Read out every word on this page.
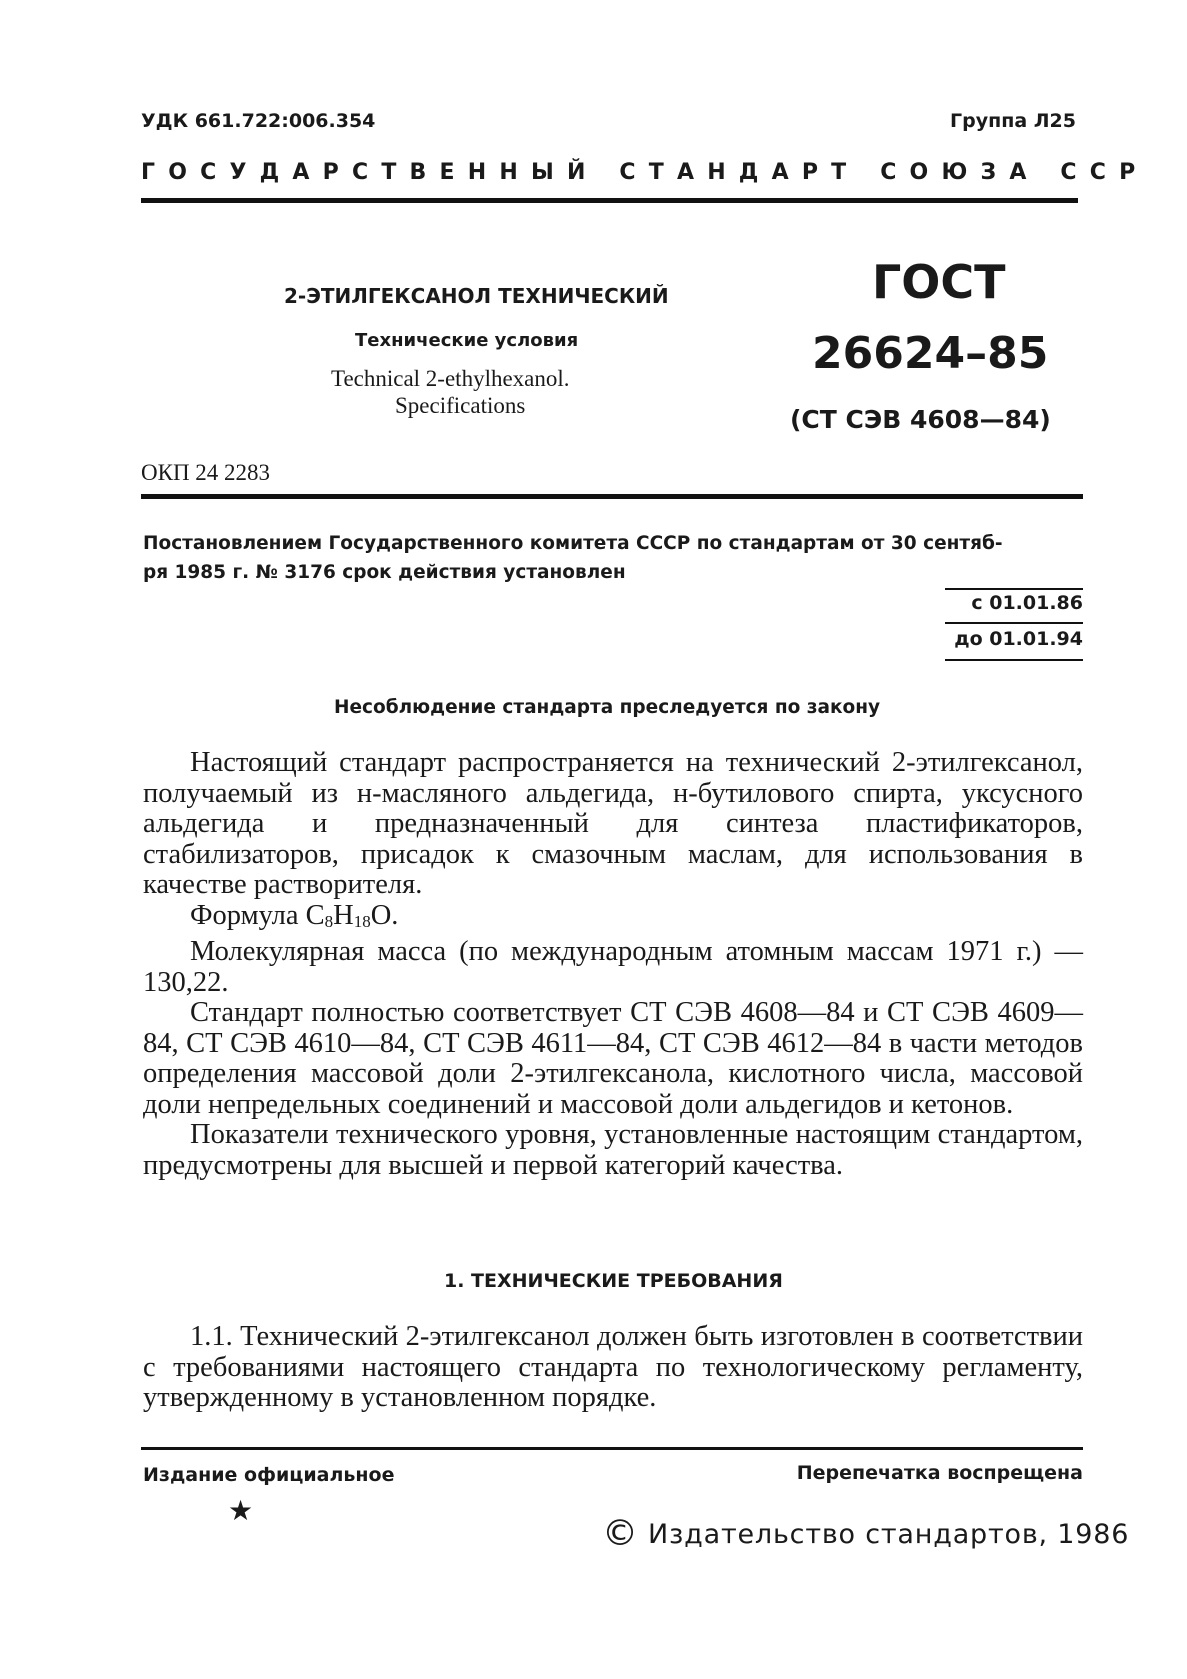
УДК 661.722:006.354	Группа Л25
ГОСУДАРСТВЕННЫЙ СТАНДАРТ СОЮЗА ССР
2-ЭТИЛГЕКСАНОЛ ТЕХНИЧЕСКИЙ
Технические условия
Technical 2-ethylhexanol.
Specifications
ГОСТ
26624–85
(СТ СЭВ 4608—84)
ОКП 24 2283
Постановлением Государственного комитета СССР по стандартам от 30 сентяб-
ря 1985 г. № 3176 срок действия установлен
с 01.01.86
до 01.01.94
Несоблюдение стандарта преследуется по закону

Настоящий стандарт распространяется на технический 2-этилгексанол, получаемый из н-масляного альдегида, н-бутилового спирта, уксусного альдегида и предназначенный для синтеза пластификаторов, стабилизаторов, присадок к смазочным маслам, для использования в качестве растворителя.

Формула C8H18O.

Молекулярная масса (по международным атомным массам 1971 г.) — 130,22.

Стандарт полностью соответствует СТ СЭВ 4608—84 и СТ СЭВ 4609—84, СТ СЭВ 4610—84, СТ СЭВ 4611—84, СТ СЭВ 4612—84 в части методов определения массовой доли 2-этилгексанола, кислотного числа, массовой доли непредельных соединений и массовой доли альдегидов и кетонов.

Показатели технического уровня, установленные настоящим стандартом, предусмотрены для высшей и первой категорий качества.

1. ТЕХНИЧЕСКИЕ ТРЕБОВАНИЯ

1.1. Технический 2-этилгексанол должен быть изготовлен в соответствии с требованиями настоящего стандарта по технологическому регламенту, утвержденному в установленном порядке.

Издание официальное	Перепечатка воспрещена
★
© Издательство стандартов, 1986
